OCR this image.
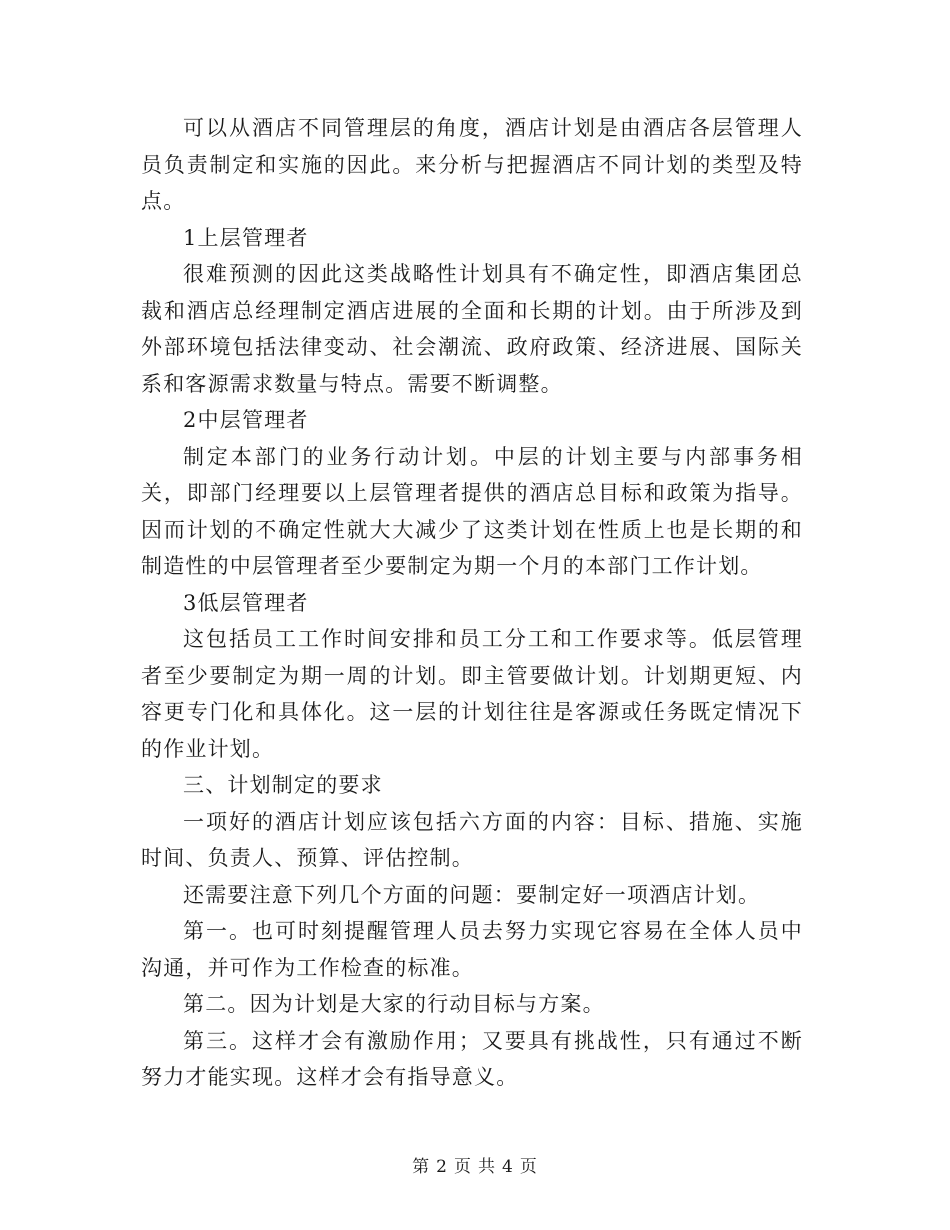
可以从酒店不同管理层的角度，酒店计划是由酒店各层管理人员负责制定和实施的因此。来分析与把握酒店不同计划的类型及特点。

1上层管理者

很难预测的因此这类战略性计划具有不确定性，即酒店集团总裁和酒店总经理制定酒店进展的全面和长期的计划。由于所涉及到外部环境包括法律变动、社会潮流、政府政策、经济进展、国际关系和客源需求数量与特点。需要不断调整。

2中层管理者

制定本部门的业务行动计划。中层的计划主要与内部事务相关，即部门经理要以上层管理者提供的酒店总目标和政策为指导。因而计划的不确定性就大大减少了这类计划在性质上也是长期的和制造性的中层管理者至少要制定为期一个月的本部门工作计划。

3低层管理者

这包括员工工作时间安排和员工分工和工作要求等。低层管理者至少要制定为期一周的计划。即主管要做计划。计划期更短、内容更专门化和具体化。这一层的计划往往是客源或任务既定情况下的作业计划。

三、计划制定的要求

一项好的酒店计划应该包括六方面的内容：目标、措施、实施时间、负责人、预算、评估控制。

还需要注意下列几个方面的问题：要制定好一项酒店计划。

第一。也可时刻提醒管理人员去努力实现它容易在全体人员中沟通，并可作为工作检查的标准。

第二。因为计划是大家的行动目标与方案。

第三。这样才会有激励作用；又要具有挑战性，只有通过不断努力才能实现。这样才会有指导意义。

第 2 页 共 4 页
